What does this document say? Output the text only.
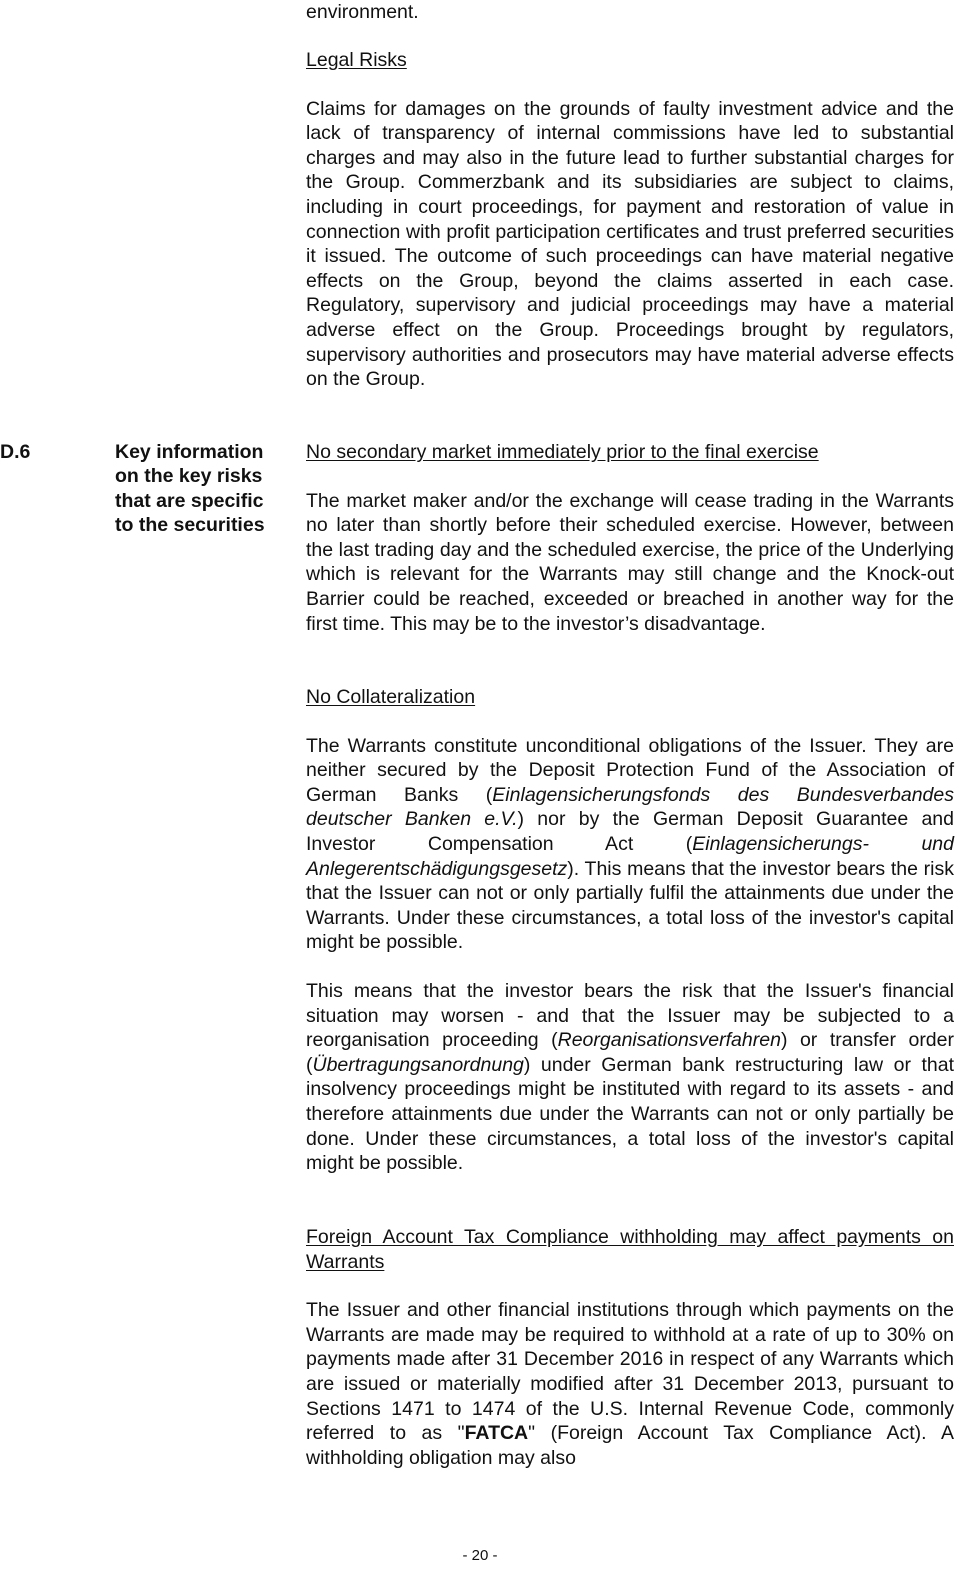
environment.

Legal Risks

Claims for damages on the grounds of faulty investment advice and the lack of transparency of internal commissions have led to substantial charges and may also in the future lead to further substantial charges for the Group. Commerzbank and its subsidiaries are subject to claims, including in court proceedings, for payment and restoration of value in connection with profit participation certificates and trust preferred securities it issued. The outcome of such proceedings can have material negative effects on the Group, beyond the claims asserted in each case. Regulatory, supervisory and judicial proceedings may have a material adverse effect on the Group. Proceedings brought by regulators, supervisory authorities and prosecutors may have material adverse effects on the Group.

D.6	Key information on the key risks that are specific to the securities

No secondary market immediately prior to the final exercise

The market maker and/or the exchange will cease trading in the Warrants no later than shortly before their scheduled exercise. However, between the last trading day and the scheduled exercise, the price of the Underlying which is relevant for the Warrants may still change and the Knock-out Barrier could be reached, exceeded or breached in another way for the first time. This may be to the investor’s disadvantage.

No Collateralization

The Warrants constitute unconditional obligations of the Issuer. They are neither secured by the Deposit Protection Fund of the Association of German Banks (Einlagensicherungsfonds des Bundesverbandes deutscher Banken e.V.) nor by the German Deposit Guarantee and Investor Compensation Act (Einlagensicherungs- und Anlegerentschädigungsgesetz). This means that the investor bears the risk that the Issuer can not or only partially fulfil the attainments due under the Warrants. Under these circumstances, a total loss of the investor's capital might be possible.

This means that the investor bears the risk that the Issuer's financial situation may worsen - and that the Issuer may be subjected to a reorganisation proceeding (Reorganisationsverfahren) or transfer order (Übertragungsanordnung) under German bank restructuring law or that insolvency proceedings might be instituted with regard to its assets - and therefore attainments due under the Warrants can not or only partially be done. Under these circumstances, a total loss of the investor's capital might be possible.

Foreign Account Tax Compliance withholding may affect payments on Warrants

The Issuer and other financial institutions through which payments on the Warrants are made may be required to withhold at a rate of up to 30% on payments made after 31 December 2016 in respect of any Warrants which are issued or materially modified after 31 December 2013, pursuant to Sections 1471 to 1474 of the U.S. Internal Revenue Code, commonly referred to as "FATCA" (Foreign Account Tax Compliance Act). A withholding obligation may also

- 20 -
